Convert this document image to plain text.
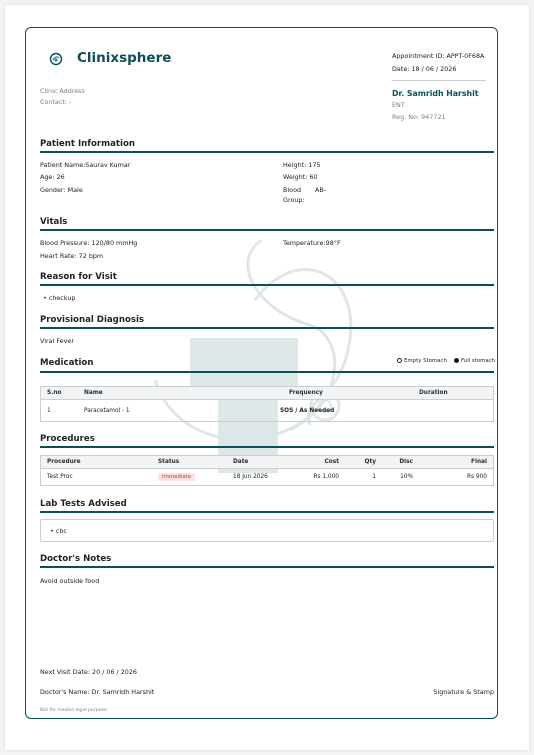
Clinixsphere
Clinic Address
Contact: -
Appointment ID: APPT-0F68A
Date: 18 / 06 / 2026
Dr. Samridh Harshit
ENT
Reg. No: 947721
Patient Information
Patient Name:Saurav Kumar
Age: 26
Gender: Male
Height: 175
Weight: 60
Blood Group:
AB-
Vitals
Blood Pressure: 120/80 mmHg	Temperature:98°F
Heart Rate: 72 bpm
Reason for Visit
• checkup
Provisional Diagnosis
Viral Fever
Medication	Empty Stomach	Full stomach
S.no	Name	Frequency	Duration
1	Paracetamol - 1	SOS / As Needed
Procedures
Procedure	Status	Date	Cost	Qty	Disc	Final
Test Proc	Immediate	18 Jun 2026	Rs 1,000	1	10%	Rs 900
Lab Tests Advised
• cbc
Doctor's Notes
Avoid outside food
Next Visit Date: 20 / 06 / 2026
Doctor's Name: Dr. Samridh Harshit	Signature & Stamp
Not for medico legal purpose.
